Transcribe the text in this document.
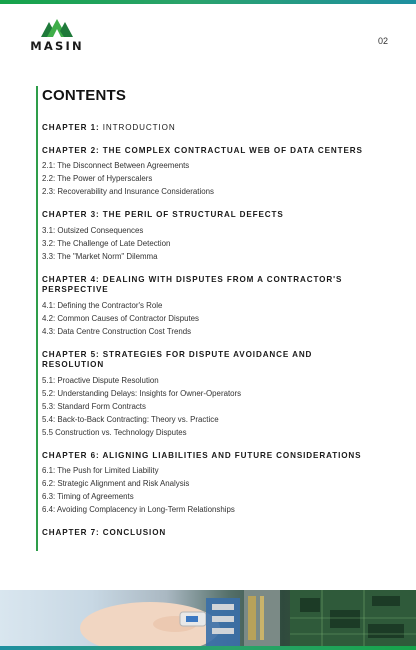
MASIN	02
CONTENTS
CHAPTER 1: INTRODUCTION
CHAPTER 2: THE COMPLEX CONTRACTUAL WEB OF DATA CENTERS
2.1: The Disconnect Between Agreements
2.2: The Power of Hyperscalers
2.3: Recoverability and Insurance Considerations
CHAPTER 3: THE PERIL OF STRUCTURAL DEFECTS
3.1: Outsized Consequences
3.2: The Challenge of Late Detection
3.3: The "Market Norm" Dilemma
CHAPTER 4: DEALING WITH DISPUTES FROM A CONTRACTOR'S PERSPECTIVE
4.1: Defining the Contractor's Role
4.2: Common Causes of Contractor Disputes
4.3: Data Centre Construction Cost Trends
CHAPTER 5: STRATEGIES FOR DISPUTE AVOIDANCE AND RESOLUTION
5.1: Proactive Dispute Resolution
5.2: Understanding Delays: Insights for Owner-Operators
5.3: Standard Form Contracts
5.4: Back-to-Back Contracting: Theory vs. Practice
5.5 Construction vs. Technology Disputes
CHAPTER 6: ALIGNING LIABILITIES AND FUTURE CONSIDERATIONS
6.1: The Push for Limited Liability
6.2: Strategic Alignment and Risk Analysis
6.3: Timing of Agreements
6.4: Avoiding Complacency in Long-Term Relationships
CHAPTER 7: CONCLUSION
